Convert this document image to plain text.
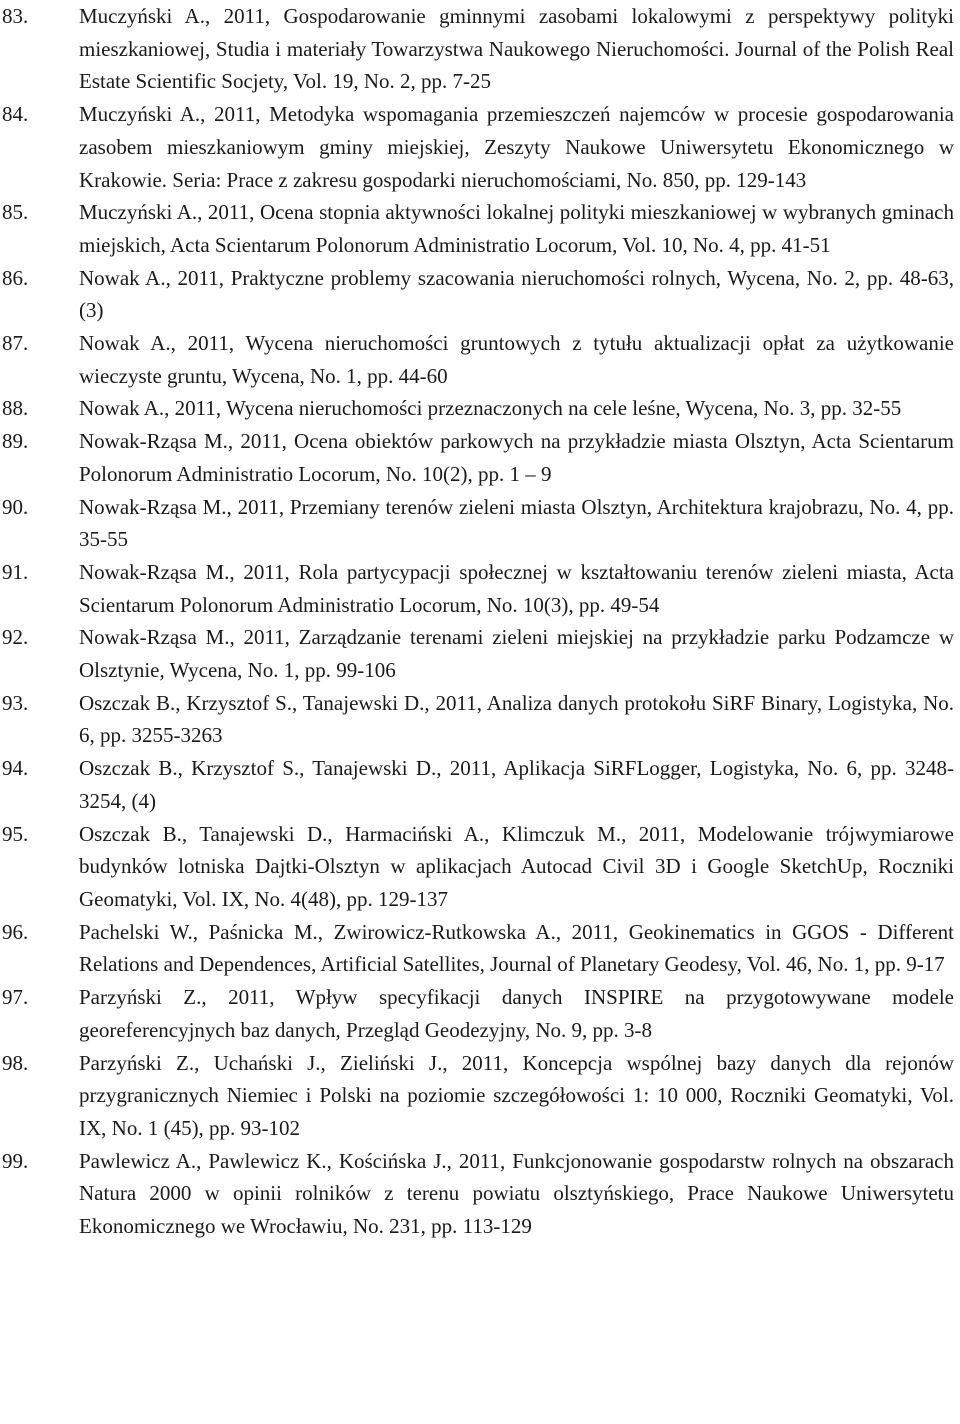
83.	Muczyński A., 2011, Gospodarowanie gminnymi zasobami lokalowymi z perspektywy polityki mieszkaniowej, Studia i materiały Towarzystwa Naukowego Nieruchomości. Journal of the Polish Real Estate Scientific Socjety, Vol. 19, No. 2, pp. 7-25
84.	Muczyński A., 2011, Metodyka wspomagania przemieszczeń najemców w procesie gospodarowania zasobem mieszkaniowym gminy miejskiej, Zeszyty Naukowe Uniwersytetu Ekonomicznego w Krakowie. Seria: Prace z zakresu gospodarki nieruchomościami, No. 850, pp. 129-143
85.	Muczyński A., 2011, Ocena stopnia aktywności lokalnej polityki mieszkaniowej w wybranych gminach miejskich, Acta Scientarum Polonorum Administratio Locorum, Vol. 10, No. 4, pp. 41-51
86.	Nowak A., 2011, Praktyczne problemy szacowania nieruchomości rolnych, Wycena, No. 2, pp. 48-63, (3)
87.	Nowak A., 2011, Wycena nieruchomości gruntowych z tytułu aktualizacji opłat za użytkowanie wieczyste gruntu, Wycena, No. 1, pp. 44-60
88.	Nowak A., 2011, Wycena nieruchomości przeznaczonych na cele leśne, Wycena, No. 3, pp. 32-55
89.	Nowak-Rząsa M., 2011, Ocena obiektów parkowych na przykładzie miasta Olsztyn, Acta Scientarum Polonorum Administratio Locorum, No. 10(2), pp. 1 – 9
90.	Nowak-Rząsa M., 2011, Przemiany terenów zieleni miasta Olsztyn, Architektura krajobrazu, No. 4, pp. 35-55
91.	Nowak-Rząsa M., 2011, Rola partycypacji społecznej w kształtowaniu terenów zieleni miasta, Acta Scientarum Polonorum Administratio Locorum, No. 10(3), pp. 49-54
92.	Nowak-Rząsa M., 2011, Zarządzanie terenami zieleni miejskiej na przykładzie parku Podzamcze w Olsztynie, Wycena, No. 1, pp. 99-106
93.	Oszczak B., Krzysztof S., Tanajewski D., 2011, Analiza danych protokołu SiRF Binary, Logistyka, No. 6, pp. 3255-3263
94.	Oszczak B., Krzysztof S., Tanajewski D., 2011, Aplikacja SiRFLogger, Logistyka, No. 6, pp. 3248-3254, (4)
95.	Oszczak B., Tanajewski D., Harmaciński A., Klimczuk M., 2011, Modelowanie trójwymiarowe budynków lotniska Dajtki-Olsztyn w aplikacjach Autocad Civil 3D i Google SketchUp, Roczniki Geomatyki, Vol. IX, No. 4(48), pp. 129-137
96.	Pachelski W., Paśnicka M., Zwirowicz-Rutkowska A., 2011, Geokinematics in GGOS - Different Relations and Dependences, Artificial Satellites, Journal of Planetary Geodesy, Vol. 46, No. 1, pp. 9-17
97.	Parzyński Z., 2011, Wpływ specyfikacji danych INSPIRE na przygotowywane modele georeferencyjnych baz danych, Przegląd Geodezyjny, No. 9, pp. 3-8
98.	Parzyński Z., Uchański J., Zieliński J., 2011, Koncepcja wspólnej bazy danych dla rejonów przygranicznych Niemiec i Polski na poziomie szczegółowości 1: 10 000, Roczniki Geomatyki, Vol. IX, No. 1 (45), pp. 93-102
99.	Pawlewicz A., Pawlewicz K., Kościńska J., 2011, Funkcjonowanie gospodarstw rolnych na obszarach Natura 2000 w opinii rolników z terenu powiatu olsztyńskiego, Prace Naukowe Uniwersytetu Ekonomicznego we Wrocławiu, No. 231, pp. 113-129
